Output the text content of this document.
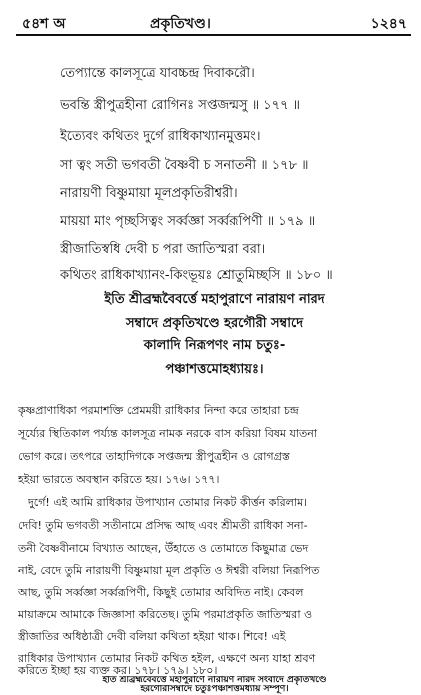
৫৪শ অ	প্রকৃতিখণ্ড।	১২৪৭
তেপ্যান্তে কালসূত্রে যাবচ্চন্দ্র দিবাকরৌ।
ভবন্তি স্ত্রীপুত্রহীনা রোগিনঃ সপ্তজন্মসু ॥ ১৭৭ ॥
ইত্যেবং কথিতং দুর্গে রাধিকাখ্যানমুত্তমং।
সা ত্বং সতী ভগবতী বৈষ্ণবী চ সনাতনী ॥ ১৭৮ ॥
নারায়ণী বিষ্ণুমায়া মূলপ্রকৃতিরীশ্বরী।
মায়য়া মাং পৃচ্ছসিত্বং সর্ব্বজ্ঞা সর্ব্বরূপিণী ॥ ১৭৯ ॥
স্ত্রীজাতিস্বধি দেবী চ পরা জাতিস্মরা বরা।
কথিতং রাধিকাখ্যানং-কিংভূয়ঃ শ্রোতুমিচ্ছসি ॥ ১৮০ ॥
ইতি শ্রীব্রহ্মবৈবর্ত্তে মহাপুরাণে নারায়ণ নারদ
সম্বাদে প্রকৃতিখণ্ডে হরগৌরী সম্বাদে
কালাদি নিরূপণং নাম চতুঃ-
পঞ্চাশত্তমোহধ্যায়ঃ।
কৃষ্ণপ্রাণাধিকা পরমাশক্তি প্রেমময়ী রাধিকার নিন্দা করে তাহারা চন্দ্র
সূর্য্যের স্থিতিকাল পর্য্যন্ত কালসূত্র নামক নরকে বাস করিয়া বিষম যাতনা
ভোগ করে। তৎপরে তাহাদিগকে সপ্তজন্ম স্ত্রীপুত্রহীন ও রোগগ্রস্ত
হইয়া ভারতে অবস্থান করিতে হয়। ১৭৬। ১৭৭।
দুর্গে! এই আমি রাধিকার উপাখ্যান তোমার নিকট কীর্ত্তন করিলাম।
দেবি! তুমি ভগবতী সতীনামে প্রসিদ্ধ আছ এবং শ্রীমতী রাধিকা সনা-
তনী বৈষ্ণবীনামে বিখ্যাত আছেন, উঁহাতে ও তোমাতে কিছুমাত্র ভেদ
নাই, বেদে তুমি নারায়ণী বিষ্ণুমায়া মূল প্রকৃতি ও ঈশ্বরী বলিয়া নিরূপিত
আছ, তুমি সর্ব্বজ্ঞা সর্ব্বরূপিণী, কিছুই তোমার অবিদিত নাই। কেবল
মায়াক্রমে আমাকে জিজ্ঞাসা করিতেছ। তুমি পরমাপ্রকৃতি জাতিস্মরা ও
স্ত্রীজাতির অধিষ্ঠাত্রী দেবী বলিয়া কথিতা হইয়া থাক। শিবে! এই
রাধিকার উপাখ্যান তোমার নিকট কথিত হইল, এক্ষণে অন্য যাহা শ্রবণ
করিতে ইচ্ছা হয় ব্যক্ত কর। ১৭৮। ১৭৯। ১৮০।
ইতি শ্রীব্রহ্মবৈবর্ত্তে মহাপুরাণে নারায়ণ নারদ সংবাদে প্রকৃতিখণ্ডে
হরগৌরীসম্বাদে চতুঃপঞ্চাশত্তমধ্যায় সম্পূর্ণ।
